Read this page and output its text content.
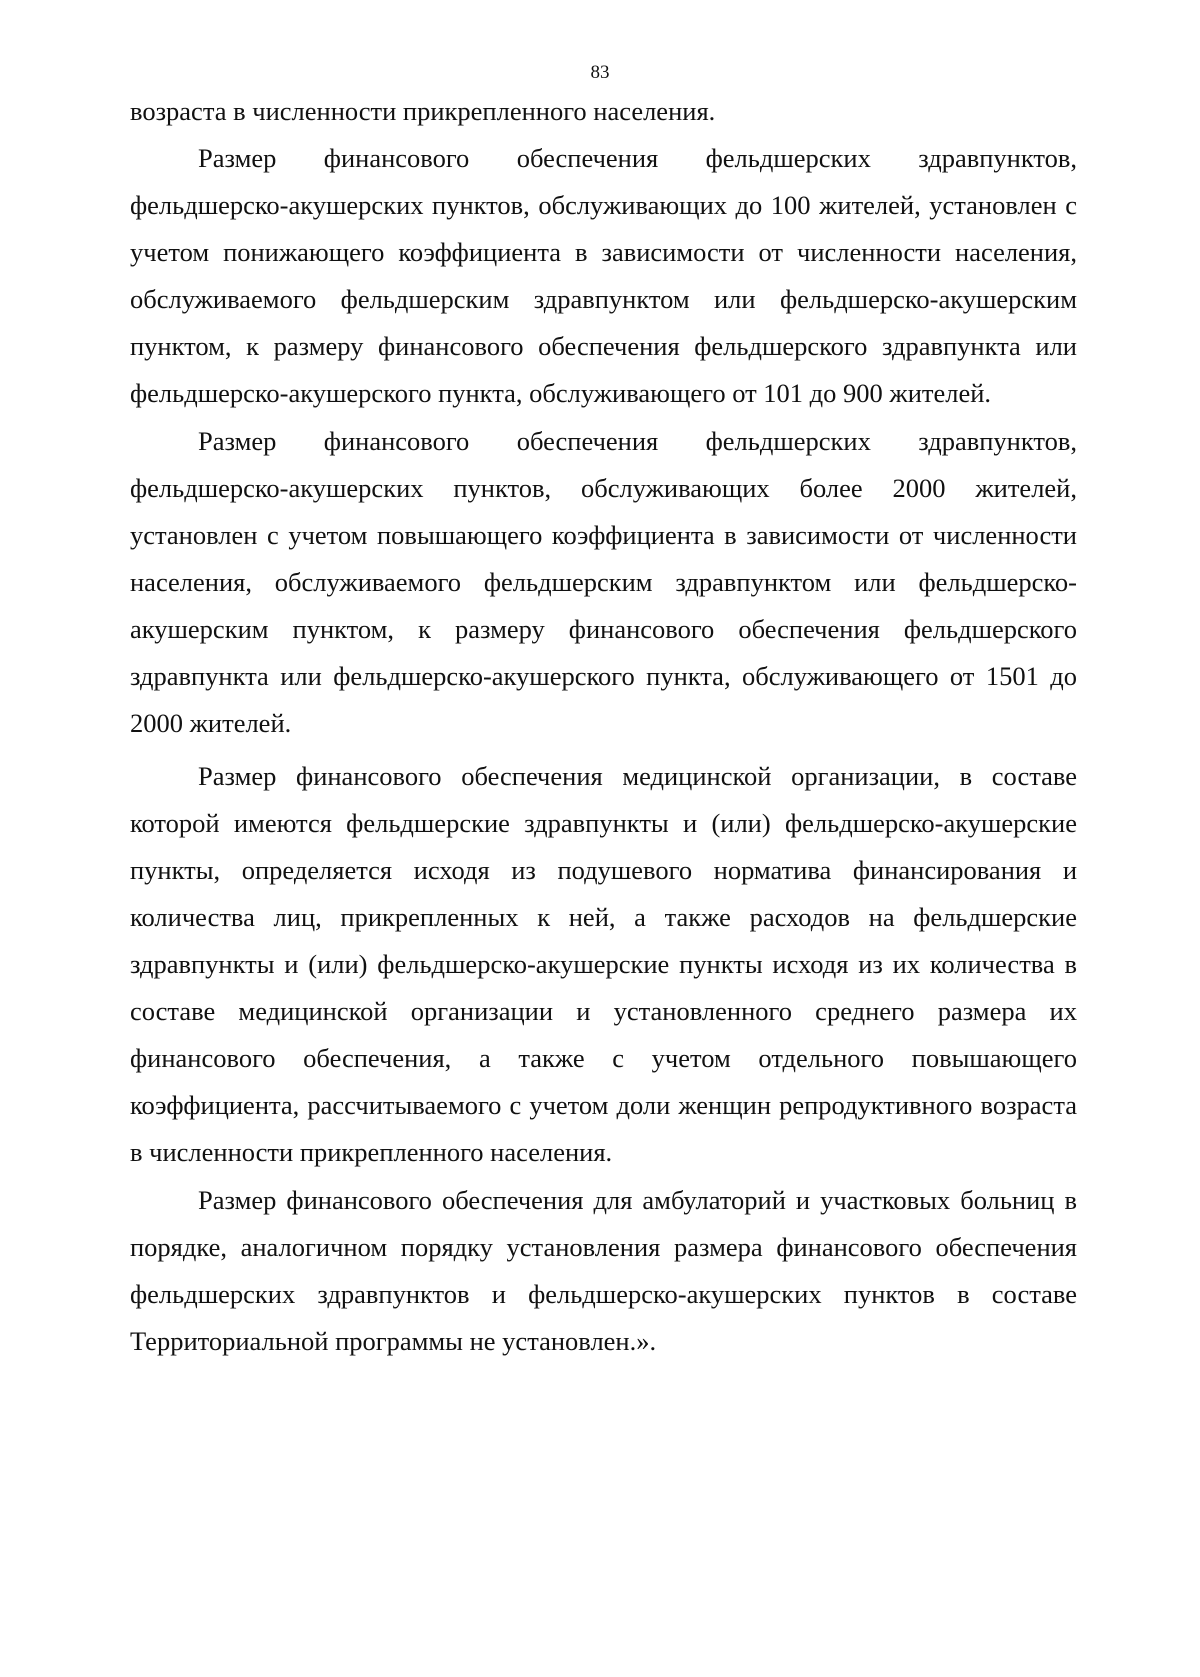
83

возраста в численности прикрепленного населения.

Размер финансового обеспечения фельдшерских здравпунктов, фельдшерско-акушерских пунктов, обслуживающих до 100 жителей, установлен с учетом понижающего коэффициента в зависимости от численности населения, обслуживаемого фельдшерским здравпунктом или фельдшерско-акушерским пунктом, к размеру финансового обеспечения фельдшерского здравпункта или фельдшерско-акушерского пункта, обслуживающего от 101 до 900 жителей.

Размер финансового обеспечения фельдшерских здравпунктов, фельдшерско-акушерских пунктов, обслуживающих более 2000 жителей, установлен с учетом повышающего коэффициента в зависимости от численности населения, обслуживаемого фельдшерским здравпунктом или фельдшерско-акушерским пунктом, к размеру финансового обеспечения фельдшерского здравпункта или фельдшерско-акушерского пункта, обслуживающего от 1501 до 2000 жителей.

Размер финансового обеспечения медицинской организации, в составе которой имеются фельдшерские здравпункты и (или) фельдшерско-акушерские пункты, определяется исходя из подушевого норматива финансирования и количества лиц, прикрепленных к ней, а также расходов на фельдшерские здравпункты и (или) фельдшерско-акушерские пункты исходя из их количества в составе медицинской организации и установленного среднего размера их финансового обеспечения, а также с учетом отдельного повышающего коэффициента, рассчитываемого с учетом доли женщин репродуктивного возраста в численности прикрепленного населения.

Размер финансового обеспечения для амбулаторий и участковых больниц в порядке, аналогичном порядку установления размера финансового обеспечения фельдшерских здравпунктов и фельдшерско-акушерских пунктов в составе Территориальной программы не установлен.».
